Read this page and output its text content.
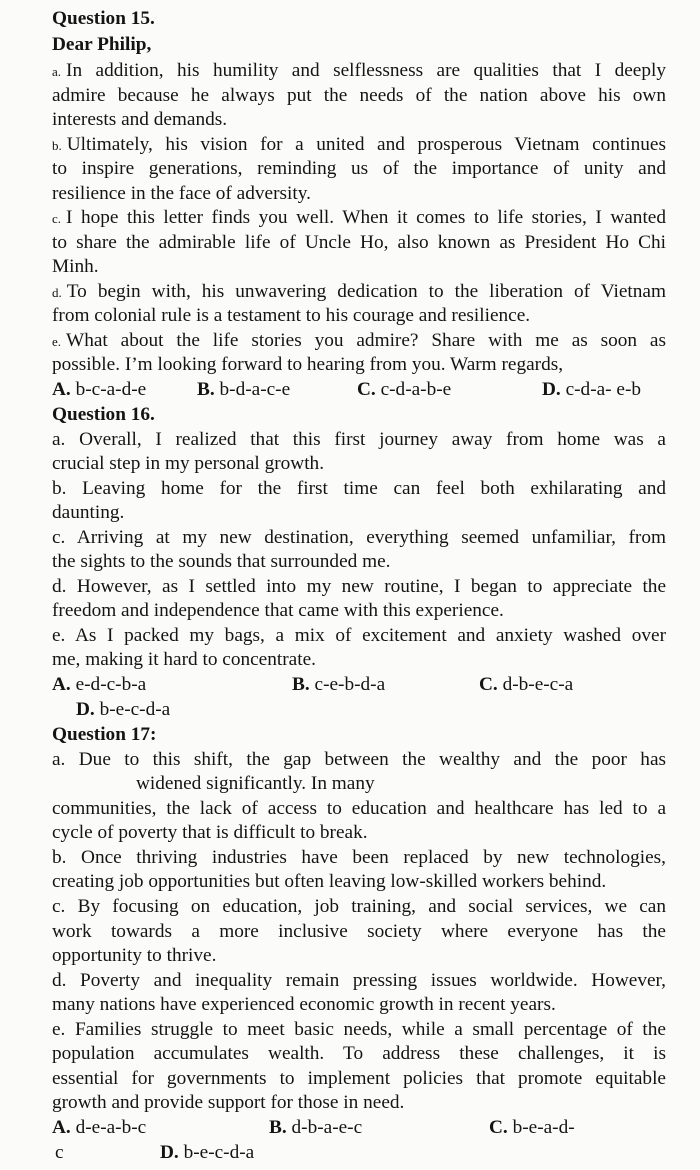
Question 15.
Dear Philip,
a. In addition, his humility and selflessness are qualities that I deeply
admire because he always put the needs of the nation above his own
interests and demands.
b. Ultimately, his vision for a united and prosperous Vietnam continues
to inspire generations, reminding us of the importance of unity and
resilience in the face of adversity.
c. I hope this letter finds you well. When it comes to life stories, I wanted
to share the admirable life of Uncle Ho, also known as President Ho Chi
Minh.
d. To begin with, his unwavering dedication to the liberation of Vietnam
from colonial rule is a testament to his courage and resilience.
e. What about the life stories you admire? Share with me as soon as
possible. I’m looking forward to hearing from you. Warm regards,
A. b-c-a-d-e	B. b-d-a-c-e	C. c-d-a-b-e	D. c-d-a- e-b
Question 16.
a. Overall, I realized that this first journey away from home was a
crucial step in my personal growth.
b. Leaving home for the first time can feel both exhilarating and
daunting.
c. Arriving at my new destination, everything seemed unfamiliar, from
the sights to the sounds that surrounded me.
d. However, as I settled into my new routine, I began to appreciate the
freedom and independence that came with this experience.
e. As I packed my bags, a mix of excitement and anxiety washed over
me, making it hard to concentrate.
A. e-d-c-b-a	B. c-e-b-d-a	C. d-b-e-c-a
D. b-e-c-d-a
Question 17:
a. Due to this shift, the gap between the wealthy and the poor has
widened significantly. In many
communities, the lack of access to education and healthcare has led to a
cycle of poverty that is difficult to break.
b. Once thriving industries have been replaced by new technologies,
creating job opportunities but often leaving low-skilled workers behind.
c. By focusing on education, job training, and social services, we can
work towards a more inclusive society where everyone has the
opportunity to thrive.
d. Poverty and inequality remain pressing issues worldwide. However,
many nations have experienced economic growth in recent years.
e. Families struggle to meet basic needs, while a small percentage of the
population accumulates wealth. To address these challenges, it is
essential for governments to implement policies that promote equitable
growth and provide support for those in need.
A. d-e-a-b-c	B. d-b-a-e-c	C. b-e-a-d-
c	D. b-e-c-d-a
